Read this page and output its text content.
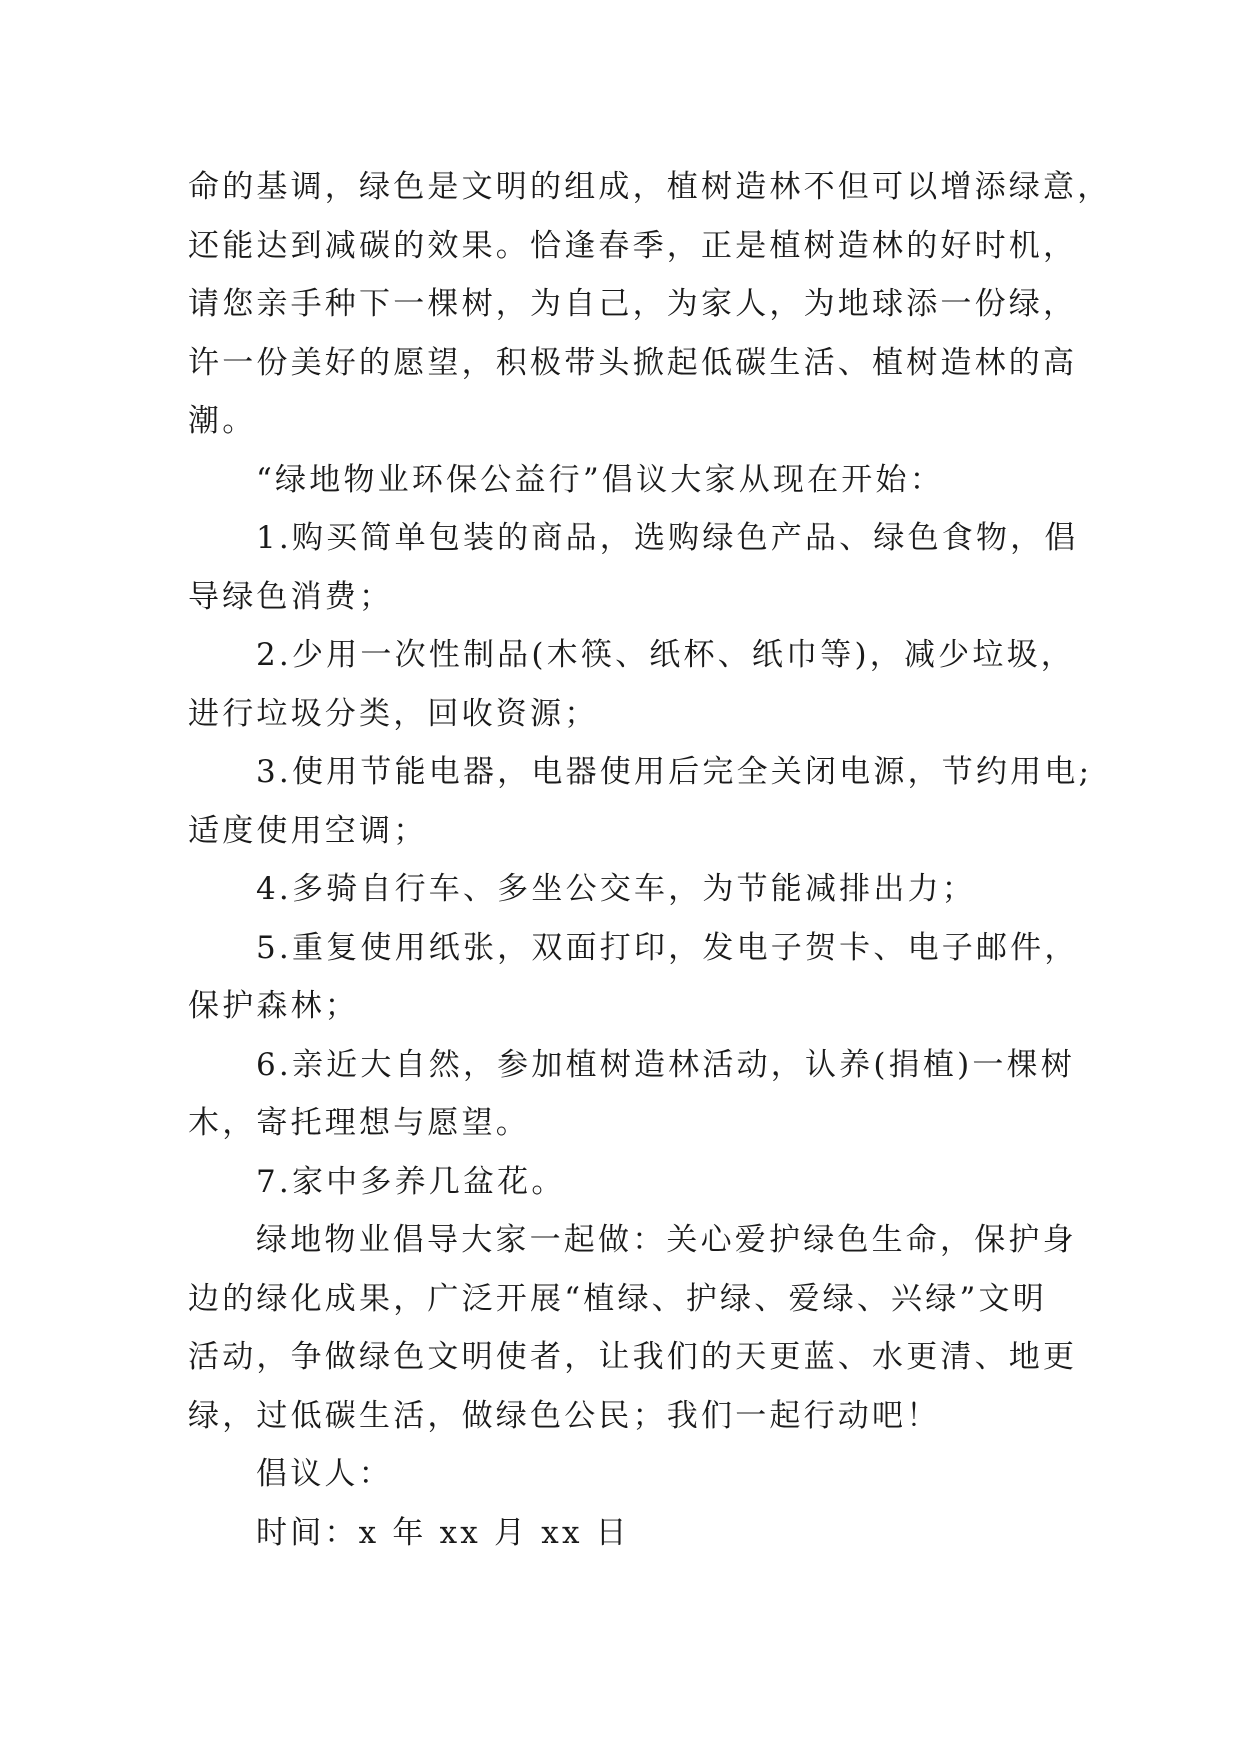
命的基调，绿色是文明的组成，植树造林不但可以增添绿意，
还能达到减碳的效果。恰逢春季，正是植树造林的好时机，
请您亲手种下一棵树，为自己，为家人，为地球添一份绿，
许一份美好的愿望，积极带头掀起低碳生活、植树造林的高
潮。
“绿地物业环保公益行”倡议大家从现在开始：
1.购买简单包装的商品，选购绿色产品、绿色食物，倡
导绿色消费；
2.少用一次性制品(木筷、纸杯、纸巾等)，减少垃圾，
进行垃圾分类，回收资源；
3.使用节能电器，电器使用后完全关闭电源，节约用电;
适度使用空调；
4.多骑自行车、多坐公交车，为节能减排出力；
5.重复使用纸张，双面打印，发电子贺卡、电子邮件，
保护森林；
6.亲近大自然，参加植树造林活动，认养(捐植)一棵树
木，寄托理想与愿望。
7.家中多养几盆花。
绿地物业倡导大家一起做：关心爱护绿色生命，保护身
边的绿化成果，广泛开展“植绿、护绿、爱绿、兴绿”文明
活动，争做绿色文明使者，让我们的天更蓝、水更清、地更
绿，过低碳生活，做绿色公民；我们一起行动吧！
倡议人：
时间：x 年 xx 月 xx 日
